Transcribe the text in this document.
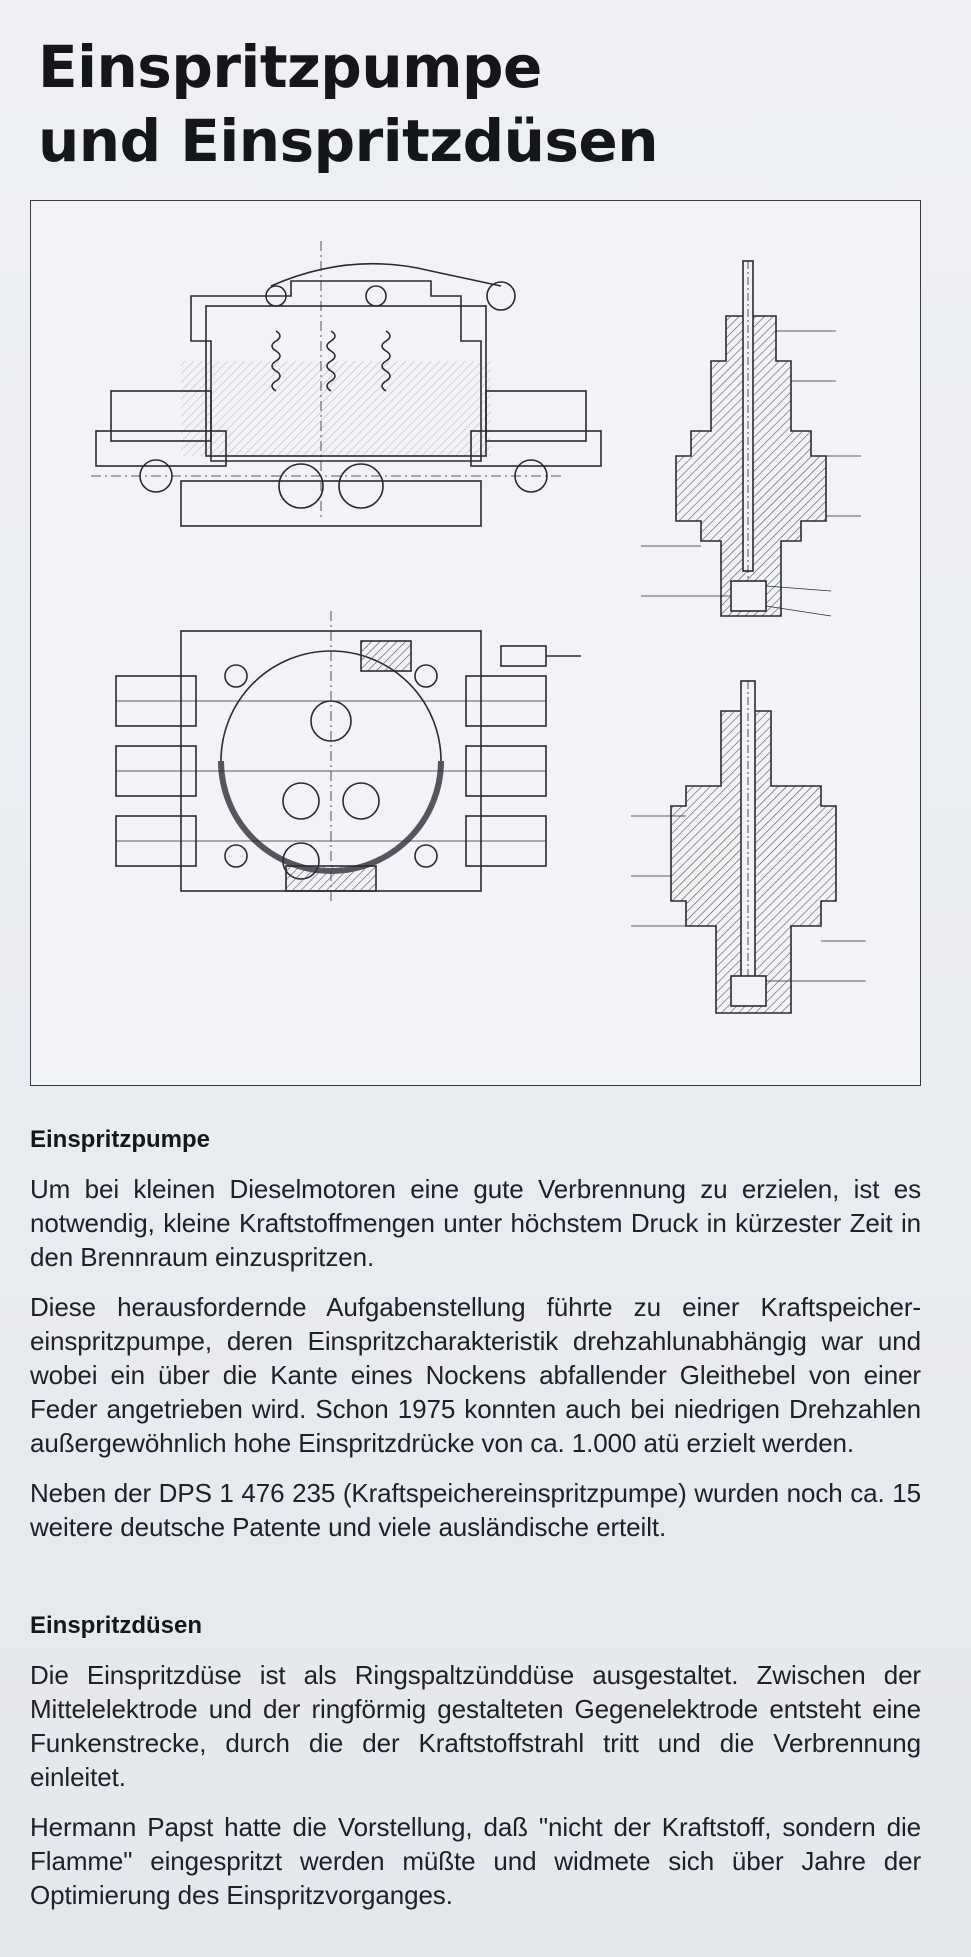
Einspritzpumpe
und Einspritzdüsen
Einspritzpumpe

Um bei kleinen Dieselmotoren eine gute Verbrennung zu erzielen, ist es notwendig, kleine Kraftstoffmengen unter höchstem Druck in kürzester Zeit in den Brennraum einzuspritzen.

Diese herausfordernde Aufgabenstellung führte zu einer Kraftspeicher-einspritzpumpe, deren Einspritzcharakteristik drehzahlunabhängig war und wobei ein über die Kante eines Nockens abfallender Gleithebel von einer Feder angetrieben wird. Schon 1975 konnten auch bei niedrigen Drehzahlen außergewöhnlich hohe Einspritzdrücke von ca. 1.000 atü erzielt werden.

Neben der DPS 1 476 235 (Kraftspeichereinspritzpumpe) wurden noch ca. 15 weitere deutsche Patente und viele ausländische erteilt.

Einspritzdüsen

Die Einspritzdüse ist als Ringspaltzünddüse ausgestaltet. Zwischen der Mittelelektrode und der ringförmig gestalteten Gegenelektrode entsteht eine Funkenstrecke, durch die der Kraftstoffstrahl tritt und die Verbrennung einleitet.

Hermann Papst hatte die Vorstellung, daß "nicht der Kraftstoff, sondern die Flamme" eingespritzt werden müßte und widmete sich über Jahre der Optimierung des Einspritzvorganges.
